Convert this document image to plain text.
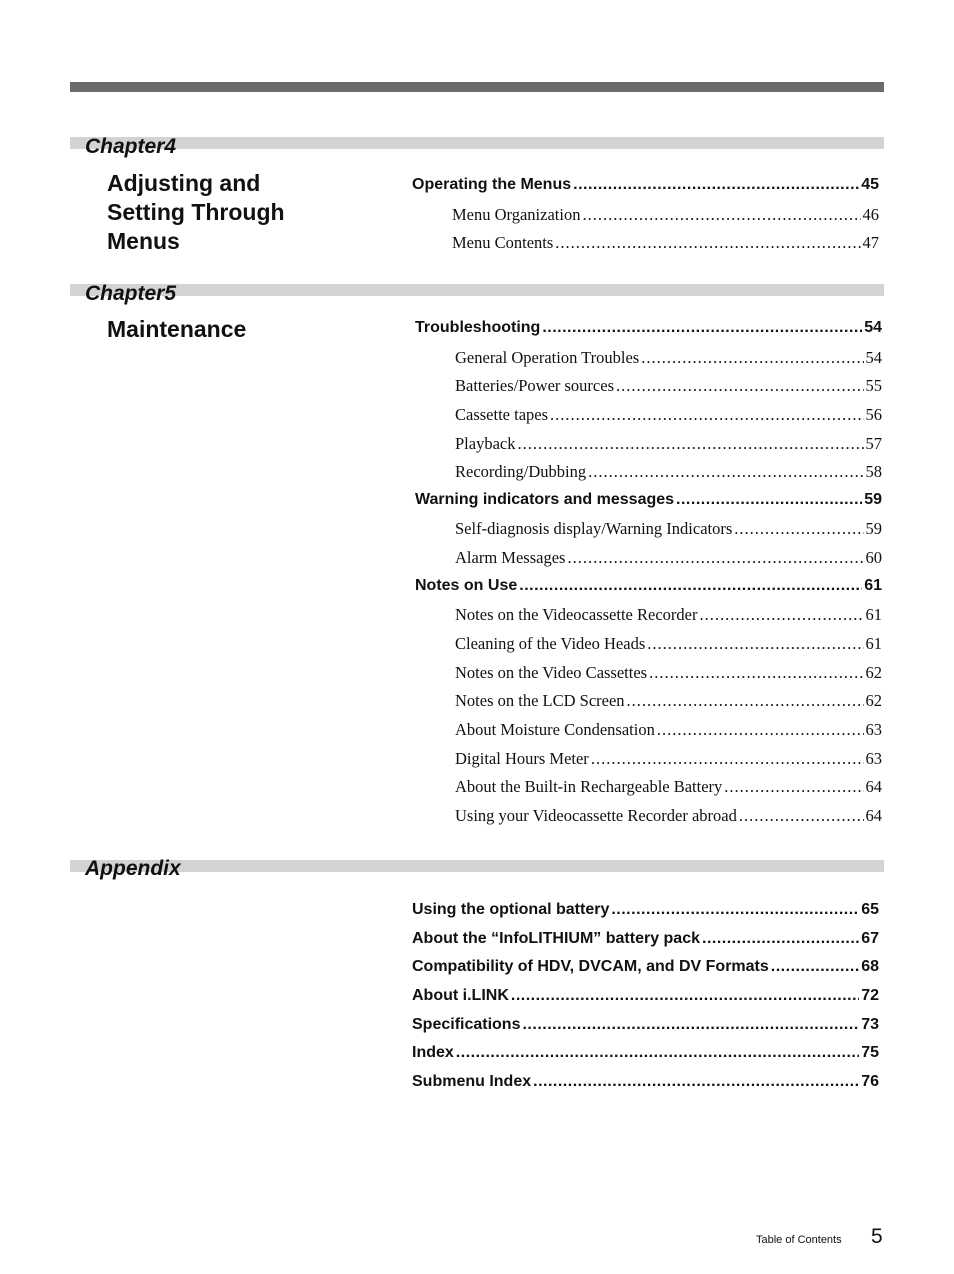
Chapter4
Adjusting and
Setting Through
Menus
Operating the Menus .....	45
Menu Organization .....	46
Menu Contents .....	47
Chapter5
Maintenance	Troubleshooting .....	54
General Operation Troubles .....	54
Batteries/Power sources .....	55
Cassette tapes .....	56
Playback .....	57
Recording/Dubbing .....	58
Warning indicators and messages .....	59
Self-diagnosis display/Warning Indicators .....	59
Alarm Messages .....	60
Notes on Use .....	61
Notes on the Videocassette Recorder .....	61
Cleaning of the Video Heads .....	61
Notes on the Video Cassettes .....	62
Notes on the LCD Screen .....	62
About Moisture Condensation .....	63
Digital Hours Meter .....	63
About the Built-in Rechargeable Battery .....	64
Using your Videocassette Recorder abroad .....	64
Appendix
Using the optional battery .....	65
About the “InfoLITHIUM” battery pack .....	67
Compatibility of HDV, DVCAM, and DV Formats .....	68
About i.LINK .....	72
Specifications .....	73
Index .....	75
Submenu Index .....	76
Table of Contents 5
